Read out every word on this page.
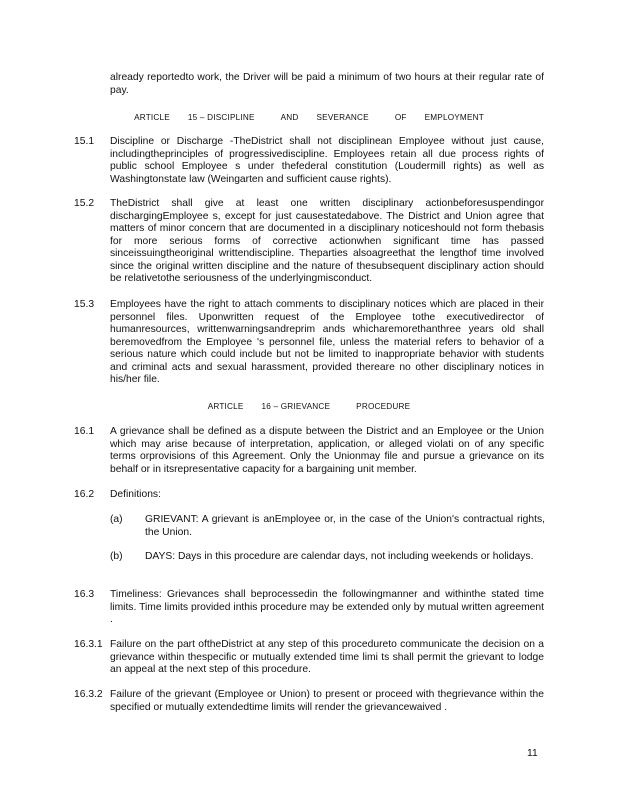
already reportedto work, the Driver will be paid a minimum of two hours at their regular rate of pay.
ARTICLE 15 – DISCIPLINE	AND SEVERANCE	OF EMPLOYMENT
15.1 Discipline or Discharge -TheDistrict shall not disciplinean Employee without just cause, includingtheprinciples of progressivediscipline. Employees retain all due process rights of public school Employee s under thefederal constitution (Loudermill rights) as well as Washingtonstate law (Weingarten and sufficient cause rights).
15.2 TheDistrict shall give at least one written disciplinary actionbeforesuspendingor dischargingEmployee s, except for just causestatedabove. The District and Union agree that matters of minor concern that are documented in a disciplinary noticeshould not form thebasis for more serious forms of corrective actionwhen significant time has passed sinceissuingtheoriginal writtendiscipline. Theparties alsoagreethat the lengthof time involved since the original written discipline and the nature of thesubsequent disciplinary action should be relativetothe seriousness of the underlyingmisconduct.
15.3 Employees have the right to attach comments to disciplinary notices which are placed in their personnel files. Uponwritten request of the Employee tothe executivedirector of humanresources, writtenwarningsandreprim ands whicharemorethanthree years old shall beremovedfrom the Employee 's personnel file, unless the material refers to behavior of a serious nature which could include but not be limited to inappropriate behavior with students and criminal acts and sexual harassment, provided thereare no other disciplinary notices in his/her file.
ARTICLE 16 – GRIEVANCE	PROCEDURE
16.1 A grievance shall be defined as a dispute between the District and an Employee or the Union which may arise because of interpretation, application, or alleged violati on of any specific terms orprovisions of this Agreement. Only the Unionmay file and pursue a grievance on its behalf or in itsrepresentative capacity for a bargaining unit member.
16.2 Definitions:
(a) GRIEVANT: A grievant is anEmployee or, in the case of the Union's contractual rights, the Union.
(b) DAYS: Days in this procedure are calendar days, not including weekends or holidays.
16.3 Timeliness: Grievances shall beprocessedin the followingmanner and withinthe stated time limits. Time limits provided inthis procedure may be extended only by mutual written agreement .
16.3.1 Failure on the part oftheDistrict at any step of this procedureto communicate the decision on a grievance within thespecific or mutually extended time limi ts shall permit the grievant to lodge an appeal at the next step of this procedure.
16.3.2 Failure of the grievant (Employee or Union) to present or proceed with thegrievance within the specified or mutually extendedtime limits will render the grievancewaived .
11
